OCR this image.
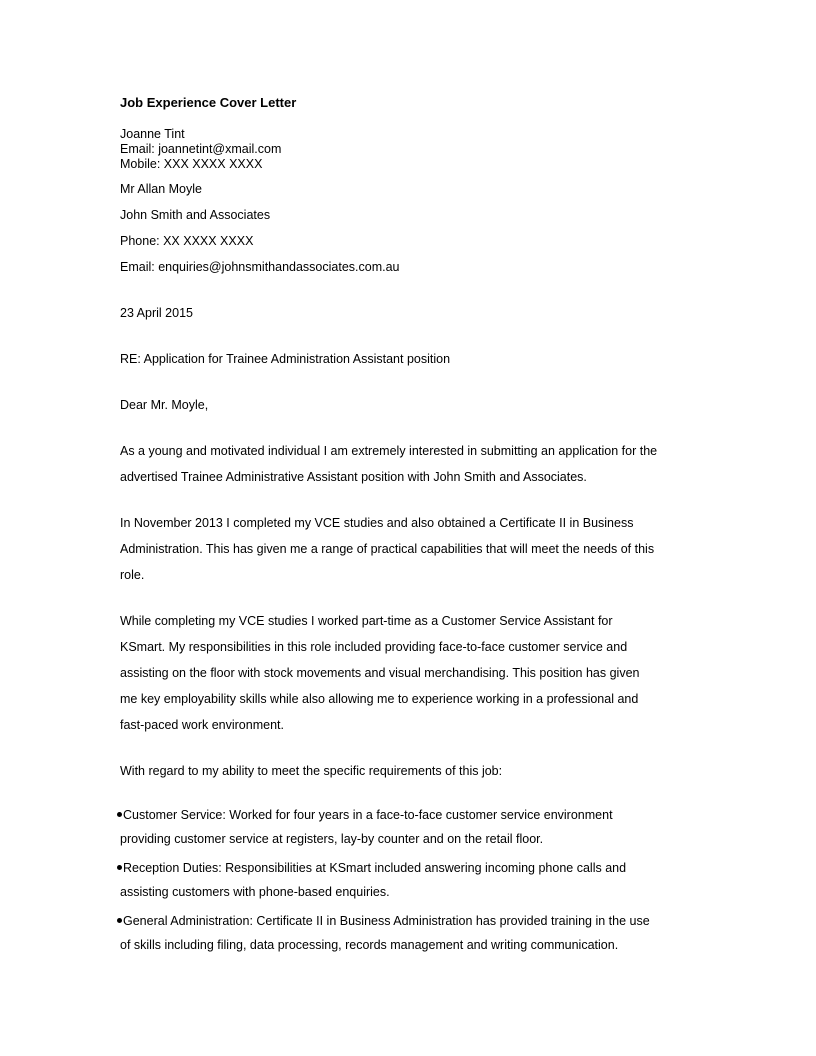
Job Experience Cover Letter
Joanne Tint
Email: joannetint@xmail.com
Mobile: XXX XXXX XXXX
Mr Allan Moyle
John Smith and Associates
Phone: XX XXXX XXXX
Email: enquiries@johnsmithandassociates.com.au
23 April 2015
RE: Application for Trainee Administration Assistant position
Dear Mr. Moyle,
As a young and motivated individual I am extremely interested in submitting an application for the
advertised Trainee Administrative Assistant position with John Smith and Associates.
In November 2013 I completed my VCE studies and also obtained a Certificate II in Business
Administration. This has given me a range of practical capabilities that will meet the needs of this
role.
While completing my VCE studies I worked part-time as a Customer Service Assistant for
KSmart. My responsibilities in this role included providing face-to-face customer service and
assisting on the floor with stock movements and visual merchandising. This position has given
me key employability skills while also allowing me to experience working in a professional and
fast-paced work environment.
With regard to my ability to meet the specific requirements of this job:
Customer Service: Worked for four years in a face-to-face customer service environment
providing customer service at registers, lay-by counter and on the retail floor.
Reception Duties: Responsibilities at KSmart included answering incoming phone calls and
assisting customers with phone-based enquiries.
General Administration: Certificate II in Business Administration has provided training in the use
of skills including filing, data processing, records management and writing communication.
